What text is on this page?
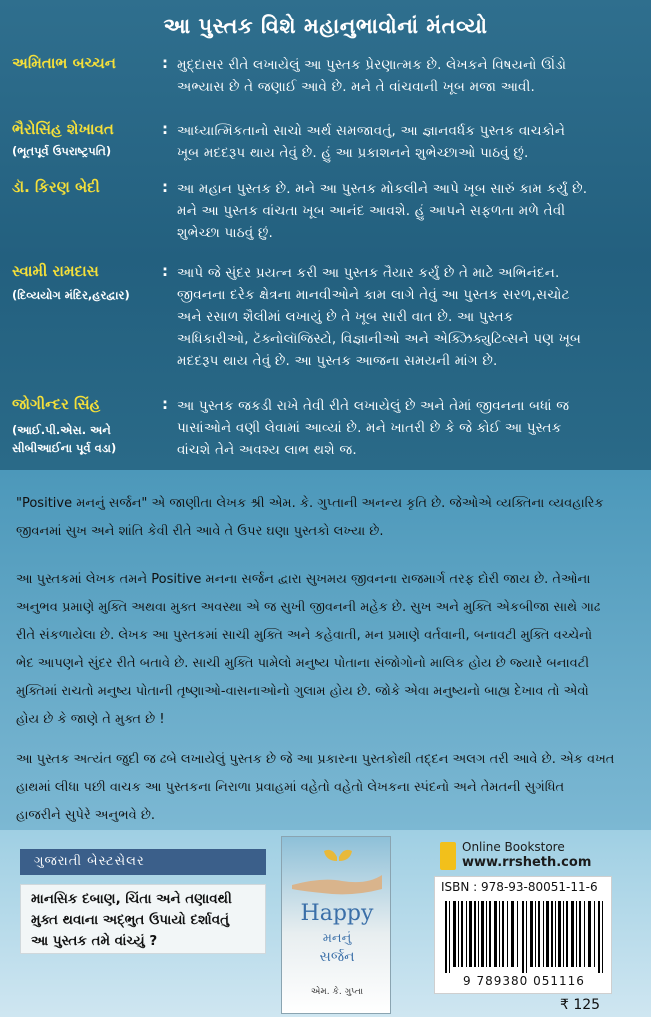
આ પુસ્તક વિશે મહાનુભાવોનાં મંતવ્યો
અમિતાભ બચ્ચન	: મુદ્દાસર રીતે લખાયેલું આ પુસ્તક પ્રેરણાત્મક છે. લેખકને વિષયનો ઊંડો
અભ્યાસ છે તે જણાઈ આવે છે. મને તે વાંચવાની ખૂબ મજા આવી.
ભૈરોસિંહ શેખાવત
(ભૂતપૂર્વ ઉપરાષ્ટ્રપતિ)
: આધ્યાત્મિકતાનો સાચો અર્થ સમજાવતું, આ જ્ઞાનવર્ધક પુસ્તક વાચકોને
ખૂબ મદદરૂપ થાય તેવું છે. હું આ પ્રકાશનને શુભેચ્છાઓ પાઠવું છું.
ડૉ. કિરણ બેદી	: આ મહાન પુસ્તક છે. મને આ પુસ્તક મોકલીને આપે ખૂબ સારું કામ કર્યું છે.
મને આ પુસ્તક વાંચતા ખૂબ આનંદ આવશે. હું આપને સફળતા મળે તેવી
શુભેચ્છા પાઠવું છું.
સ્વામી રામદાસ
(દિવ્યયોગ મંદિર,હરદ્વાર)
: આપે જે સુંદર પ્રયત્ન કરી આ પુસ્તક તૈયાર કર્યું છે તે માટે અભિનંદન.
જીવનના દરેક ક્ષેત્રના માનવીઓને કામ લાગે તેવું આ પુસ્તક સરળ,સચોટ
અને રસાળ શૈલીમાં લખાયું છે તે ખૂબ સારી વાત છે. આ પુસ્તક
અધિકારીઓ, ટૅક્નોલૉજિસ્ટો, વિજ્ઞાનીઓ અને એક્ઝિક્યુટિવ્સને પણ ખૂબ
મદદરૂપ થાય તેવું છે. આ પુસ્તક આજના સમયની માંગ છે.
જોગીન્દર સિંહ
(આઈ.પી.એસ. અને સીબીઆઈના પૂર્વ વડા)
: આ પુસ્તક જકડી રાખે તેવી રીતે લખાયેલું છે અને તેમાં જીવનના બધાં જ
પાસાંઓને વણી લેવામાં આવ્યાં છે. મને ખાતરી છે કે જે કોઈ આ પુસ્તક
વાંચશે તેને અવશ્ય લાભ થશે જ.
"Positive મનનું સર્જન" એ જાણીતા લેખક શ્રી એમ. કે. ગુપ્તાની અનન્ય કૃતિ છે. જેઓએ વ્યક્તિના વ્યવહારિક
જીવનમાં સુખ અને શાંતિ કેવી રીતે આવે તે ઉપર ઘણા પુસ્તકો લખ્યા છે.
આ પુસ્તકમાં લેખક તમને Positive મનના સર્જન દ્વારા સુખમય જીવનના રાજમાર્ગ તરફ દોરી જાય છે. તેઓના
અનુભવ પ્રમાણે મુક્તિ અથવા મુક્ત અવસ્થા એ જ સુખી જીવનની મહેક છે. સુખ અને મુક્તિ એકબીજા સાથે ગાઢ
રીતે સંકળાયેલા છે. લેખક આ પુસ્તકમાં સાચી મુક્તિ અને કહેવાતી, મન પ્રમાણે વર્તવાની, બનાવટી મુક્તિ વચ્ચેનો
ભેદ આપણને સુંદર રીતે બતાવે છે. સાચી મુક્તિ પામેલો મનુષ્ય પોતાના સંજોગોનો માલિક હોય છે જ્યારે બનાવટી
મુક્તિમાં રાચતો મનુષ્ય પોતાની તૃષ્ણાઓ-વાસનાઓનો ગુલામ હોય છે. જોકે એવા મનુષ્યનો બાહ્ય દેખાવ તો એવો
હોય છે કે જાણે તે મુક્ત છે !
આ પુસ્તક અત્યંત જુદી જ ઢબે લખાયેલું પુસ્તક છે જે આ પ્રકારના પુસ્તકોથી તદ્દન અલગ તરી આવે છે. એક વખત
હાથમાં લીધા પછી વાચક આ પુસ્તકના નિરાળા પ્રવાહમાં વહેતો વહેતો લેખકના સ્પંદનો અને તેમતની સુગંધિત
હાજરીને સુપેરે અનુભવે છે.
ગુજરાતી બેસ્ટસેલર
માનસિક દબાણ, ચિંતા અને તણાવથી
મુક્ત થવાના અદ્ભુત ઉપાયો દર્શાવતું
આ પુસ્તક તમે વાંચ્યું ?
Happy
મનનું
સર્જન
એમ. કે. ગુપ્તા
Online Bookstore
www.rrsheth.com
ISBN : 978-93-80051-11-6
9 789380 051116
₹ 125
